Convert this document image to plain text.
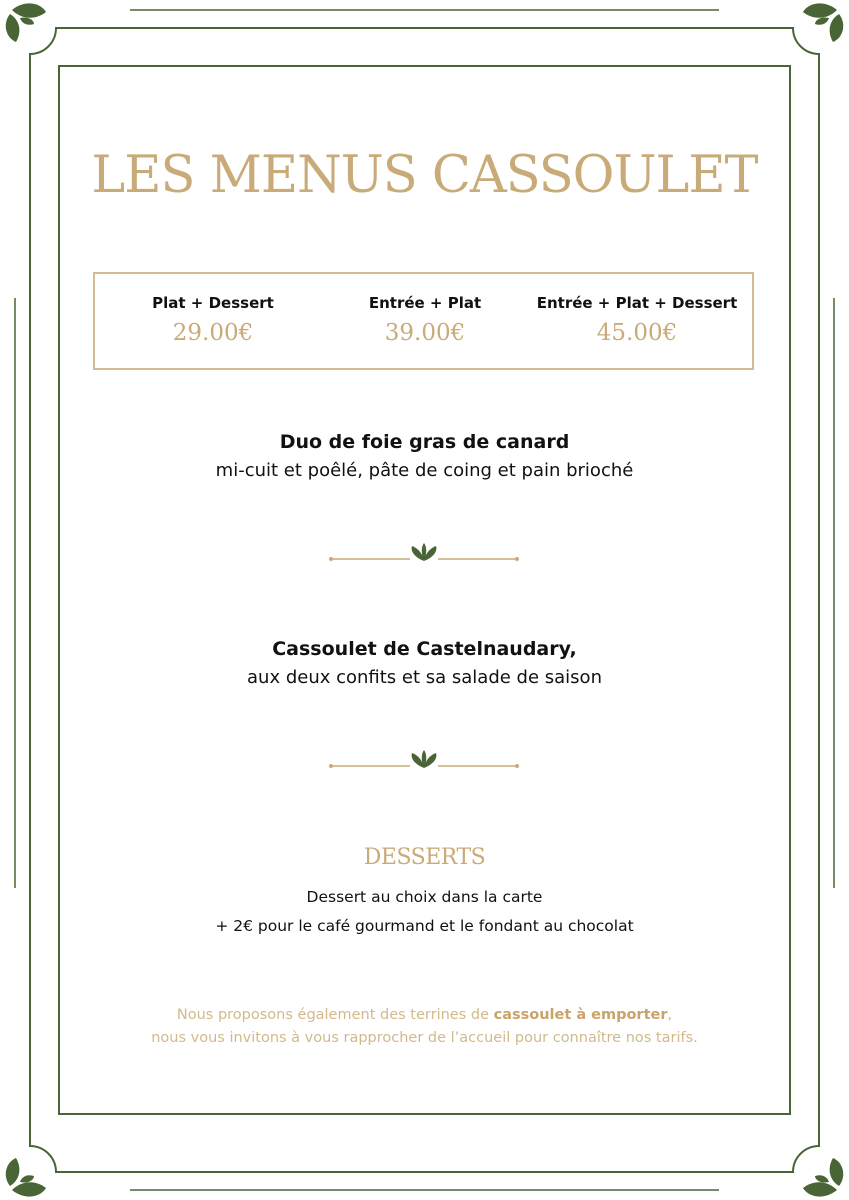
LES MENUS CASSOULET
Plat + Dessert
29.00€
Entrée + Plat
39.00€
Entrée + Plat + Dessert
45.00€
Duo de foie gras de canard
mi-cuit et poêlé, pâte de coing et pain brioché
Cassoulet de Castelnaudary,
aux deux confits et sa salade de saison
DESSERTS
Dessert au choix dans la carte
+ 2€ pour le café gourmand et le fondant au chocolat
Nous proposons également des terrines de cassoulet à emporter,
nous vous invitons à vous rapprocher de l’accueil pour connaître nos tarifs.
